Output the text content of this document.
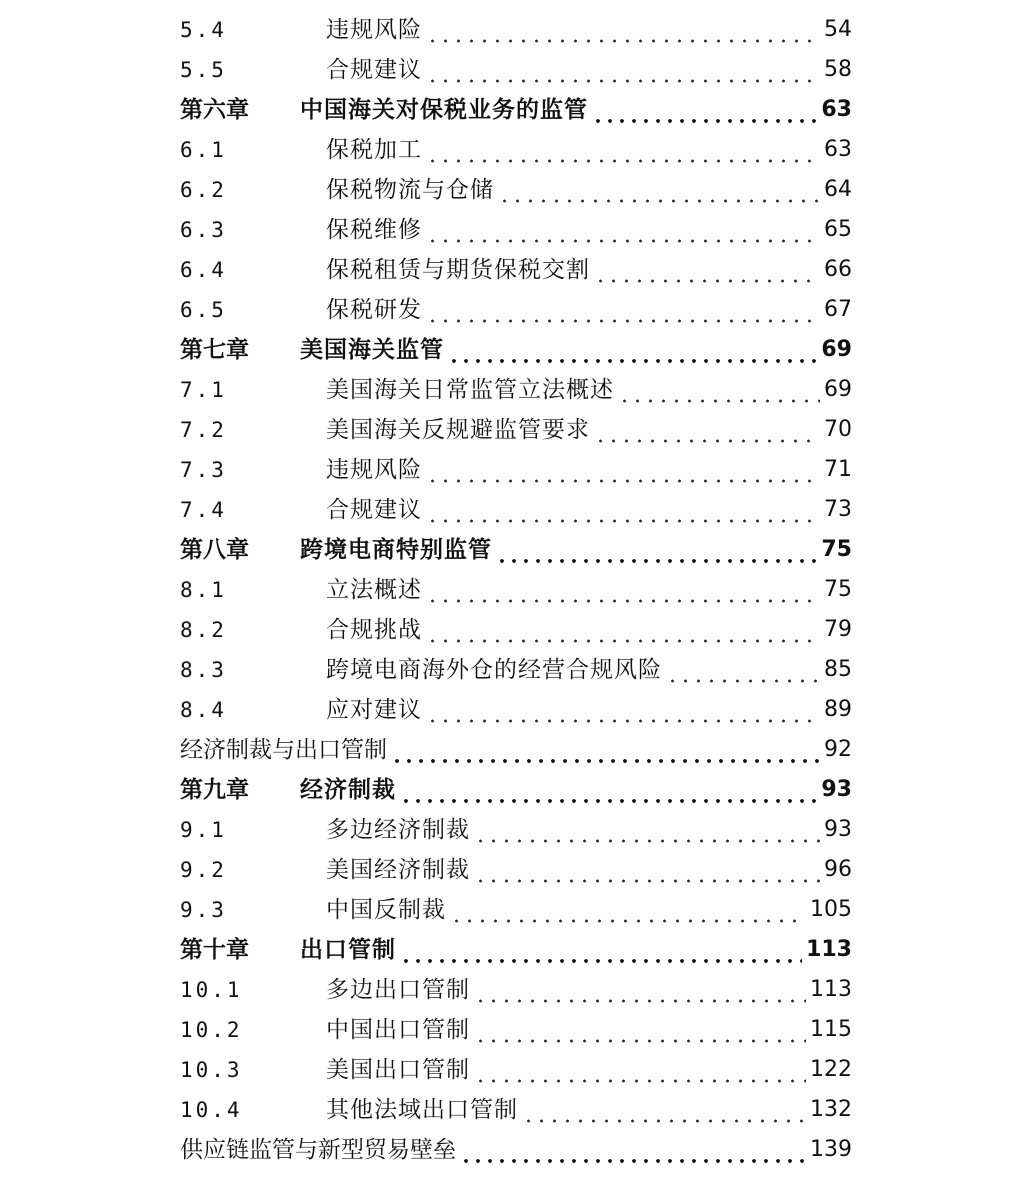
5.4	违规风险	54
5.5	合规建议	58
第六章	中国海关对保税业务的监管	63
6.1	保税加工	63
6.2	保税物流与仓储	64
6.3	保税维修	65
6.4	保税租赁与期货保税交割	66
6.5	保税研发	67
第七章	美国海关监管	69
7.1	美国海关日常监管立法概述	69
7.2	美国海关反规避监管要求	70
7.3	违规风险	71
7.4	合规建议	73
第八章	跨境电商特别监管	75
8.1	立法概述	75
8.2	合规挑战	79
8.3	跨境电商海外仓的经营合规风险	85
8.4	应对建议	89
经济制裁与出口管制	92
第九章	经济制裁	93
9.1	多边经济制裁	93
9.2	美国经济制裁	96
9.3	中国反制裁	105
第十章	出口管制	113
10.1	多边出口管制	113
10.2	中国出口管制	115
10.3	美国出口管制	122
10.4	其他法域出口管制	132
供应链监管与新型贸易壁垒	139
